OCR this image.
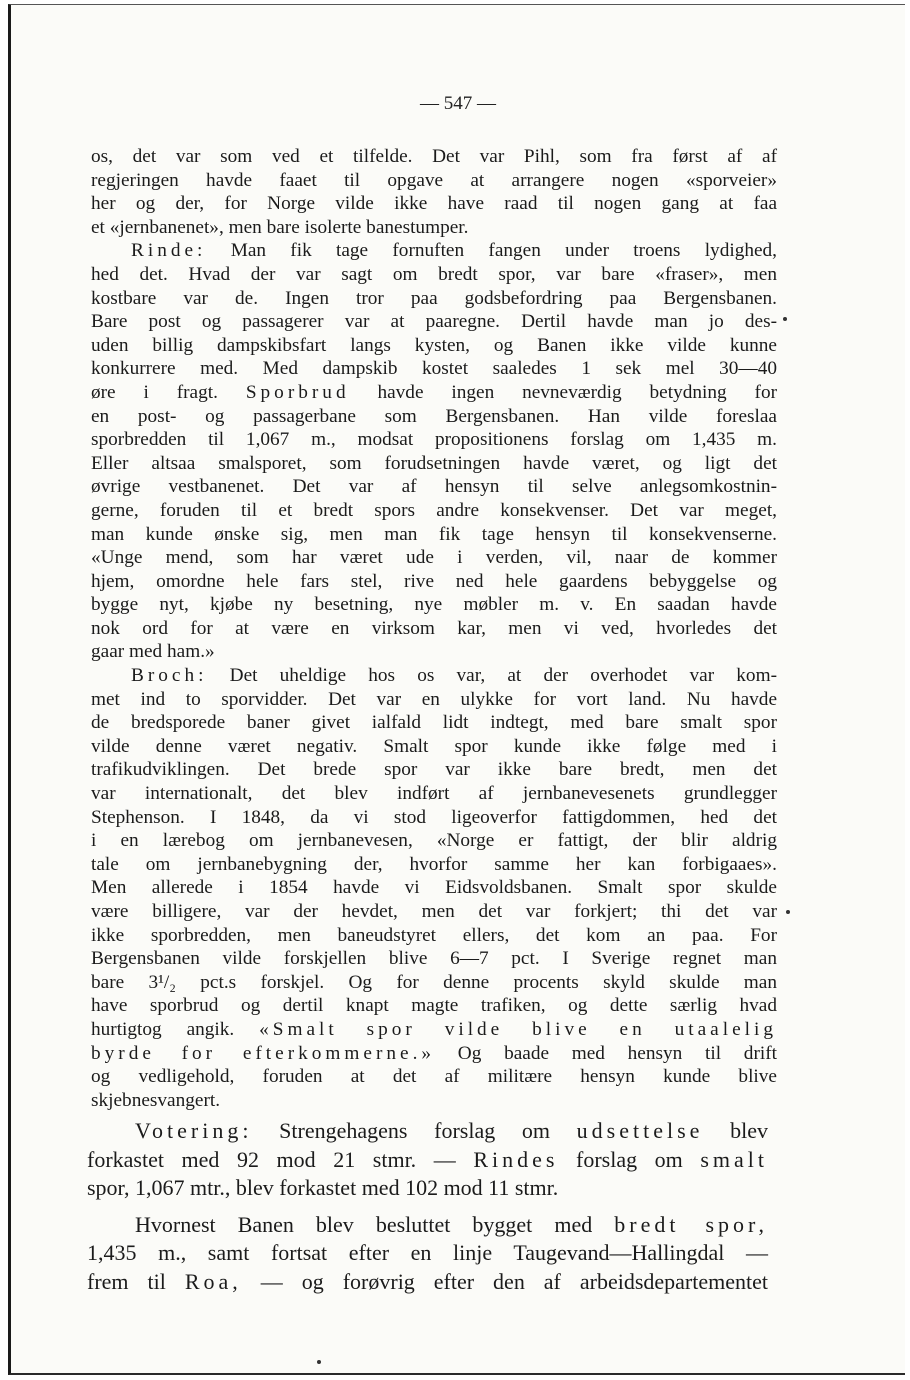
— 547 —
os, det var som ved et tilfelde. Det var Pihl, som fra først af af
regjeringen havde faaet til opgave at arrangere nogen «sporveier»
her og der, for Norge vilde ikke have raad til nogen gang at faa
et «jernbanenet», men bare isolerte banestumper.
Rinde: Man fik tage fornuften fangen under troens lydighed,
hed det. Hvad der var sagt om bredt spor, var bare «fraser», men
kostbare var de. Ingen tror paa godsbefordring paa Bergensbanen.
Bare post og passagerer var at paaregne. Dertil havde man jo des-
uden billig dampskibsfart langs kysten, og Banen ikke vilde kunne
konkurrere med. Med dampskib kostet saaledes 1 sek mel 30—40
øre i fragt. Sporbrud havde ingen nevneværdig betydning for
en post- og passagerbane som Bergensbanen. Han vilde foreslaa
sporbredden til 1,067 m., modsat propositionens forslag om 1,435 m.
Eller altsaa smalsporet, som forudsetningen havde været, og ligt det
øvrige vestbanenet. Det var af hensyn til selve anlegsomkostnin-
gerne, foruden til et bredt spors andre konsekvenser. Det var meget,
man kunde ønske sig, men man fik tage hensyn til konsekvenserne.
«Unge mend, som har været ude i verden, vil, naar de kommer
hjem, omordne hele fars stel, rive ned hele gaardens bebyggelse og
bygge nyt, kjøbe ny besetning, nye møbler m. v. En saadan havde
nok ord for at være en virksom kar, men vi ved, hvorledes det
gaar med ham.»
Broch: Det uheldige hos os var, at der overhodet var kom-
met ind to sporvidder. Det var en ulykke for vort land. Nu havde
de bredsporede baner givet ialfald lidt indtegt, med bare smalt spor
vilde denne været negativ. Smalt spor kunde ikke følge med i
trafikudviklingen. Det brede spor var ikke bare bredt, men det
var internationalt, det blev indført af jernbanevesenets grundlegger
Stephenson. I 1848, da vi stod ligeoverfor fattigdommen, hed det
i en lærebog om jernbanevesen, «Norge er fattigt, der blir aldrig
tale om jernbanebygning der, hvorfor samme her kan forbigaaes».
Men allerede i 1854 havde vi Eidsvoldsbanen. Smalt spor skulde
være billigere, var der hevdet, men det var forkjert; thi det var
ikke sporbredden, men baneudstyret ellers, det kom an paa. For
Bergensbanen vilde forskjellen blive 6—7 pct. I Sverige regnet man
bare 3¹/₂ pct.s forskjel. Og for denne procents skyld skulde man
have sporbrud og dertil knapt magte trafiken, og dette særlig hvad
hurtigtog angik. «Smalt spor vilde blive en utaalelig
byrde for efterkommerne.» Og baade med hensyn til drift
og vedligehold, foruden at det af militære hensyn kunde blive
skjebnesvangert.
Votering: Strengehagens forslag om udsettelse blev
forkastet med 92 mod 21 stmr. — Rindes forslag om smalt
spor, 1,067 mtr., blev forkastet med 102 mod 11 stmr.
Hvornest Banen blev besluttet bygget med bredt spor,
1,435 m., samt fortsat efter en linje Taugevand—Hallingdal —
frem til Roa, — og forøvrig efter den af arbeidsdepartementet
